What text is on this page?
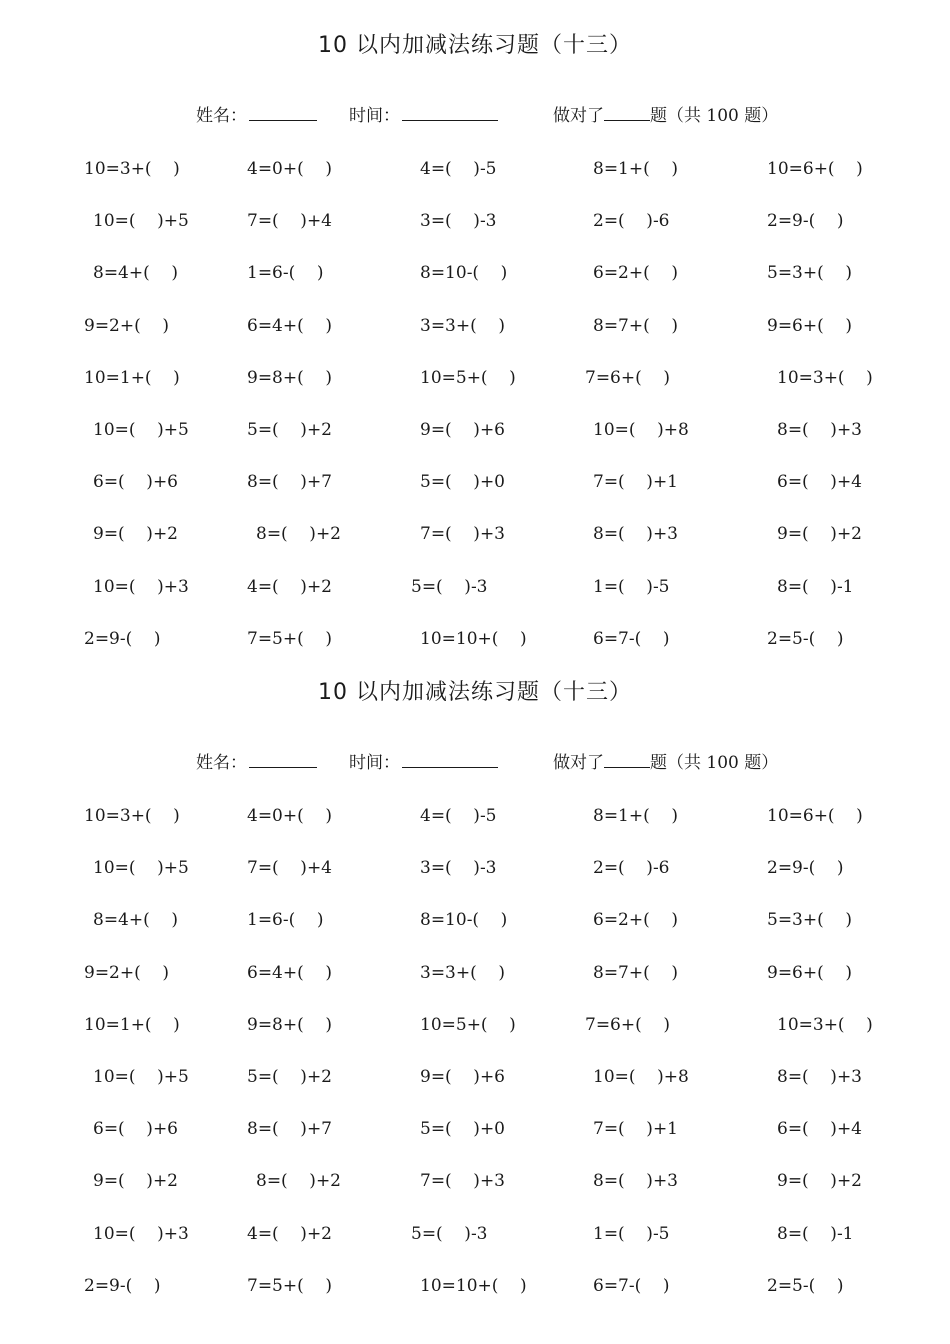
10 以内加减法练习题（十三）
姓名：	时间：	做对了	题（共 100 题）
10=3+(    )	4=0+(    )	4=(    )-5	8=1+(    )	10=6+(    )
10=(    )+5	7=(    )+4	3=(    )-3	2=(    )-6	2=9-(    )
8=4+(    )	1=6-(    )	8=10-(    )	6=2+(    )	5=3+(    )
9=2+(    )	6=4+(    )	3=3+(    )	8=7+(    )	9=6+(    )
10=1+(    )	9=8+(    )	10=5+(    )	7=6+(    )	10=3+(    )
10=(    )+5	5=(    )+2	9=(    )+6	10=(    )+8	8=(    )+3
6=(    )+6	8=(    )+7	5=(    )+0	7=(    )+1	6=(    )+4
9=(    )+2	8=(    )+2	7=(    )+3	8=(    )+3	9=(    )+2
10=(    )+3	4=(    )+2	5=(    )-3	1=(    )-5	8=(    )-1
2=9-(    )	7=5+(    )	10=10+(    )	6=7-(    )	2=5-(    )
10 以内加减法练习题（十三）
姓名：	时间：	做对了	题（共 100 题）
10=3+(    )	4=0+(    )	4=(    )-5	8=1+(    )	10=6+(    )
10=(    )+5	7=(    )+4	3=(    )-3	2=(    )-6	2=9-(    )
8=4+(    )	1=6-(    )	8=10-(    )	6=2+(    )	5=3+(    )
9=2+(    )	6=4+(    )	3=3+(    )	8=7+(    )	9=6+(    )
10=1+(    )	9=8+(    )	10=5+(    )	7=6+(    )	10=3+(    )
10=(    )+5	5=(    )+2	9=(    )+6	10=(    )+8	8=(    )+3
6=(    )+6	8=(    )+7	5=(    )+0	7=(    )+1	6=(    )+4
9=(    )+2	8=(    )+2	7=(    )+3	8=(    )+3	9=(    )+2
10=(    )+3	4=(    )+2	5=(    )-3	1=(    )-5	8=(    )-1
2=9-(    )	7=5+(    )	10=10+(    )	6=7-(    )	2=5-(    )
